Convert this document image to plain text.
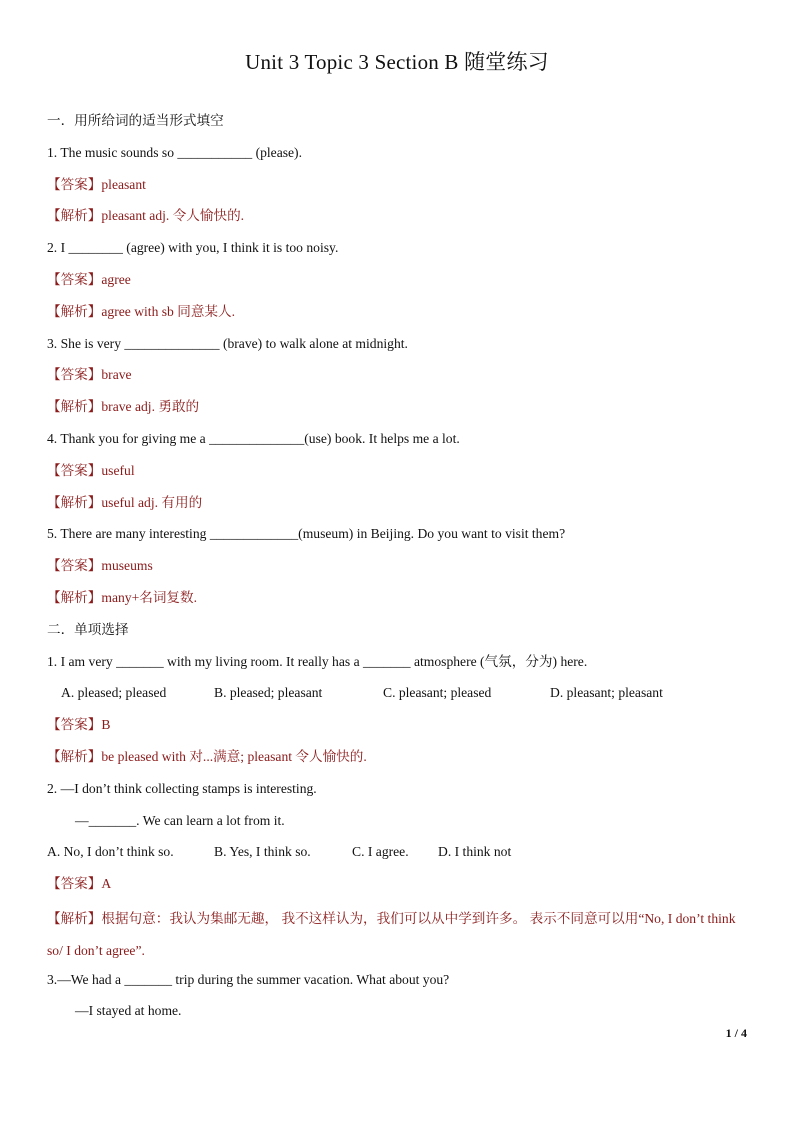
Unit 3 Topic 3 Section B 随堂练习
一．用所给词的适当形式填空
1. The music sounds so ___________ (please).
【答案】pleasant
【解析】pleasant adj. 令人愉快的.
2. I ________ (agree) with you, I think it is too noisy.
【答案】agree
【解析】agree with sb 同意某人.
3. She is very ______________ (brave) to walk alone at midnight.
【答案】brave
【解析】brave adj. 勇敢的
4. Thank you for giving me a ______________(use) book. It helps me a lot.
【答案】useful
【解析】useful adj. 有用的
5. There are many interesting _____________(museum) in Beijing. Do you want to visit them?
【答案】museums
【解析】many+名词复数.
二．单项选择
1. I am very _______ with my living room. It really has a _______ atmosphere (气氛，分为) here.
A. pleased; pleased	B. pleased; pleasant	C. pleasant; pleased	D. pleasant; pleasant
【答案】B
【解析】be pleased with 对...满意; pleasant 令人愉快的.
2. —I don’t think collecting stamps is interesting.
—_______. We can learn a lot from it.
A. No, I don’t think so.	B. Yes, I think so.	C. I agree.	D. I think not
【答案】A
【解析】根据句意：我认为集邮无趣， 我不这样认为，我们可以从中学到许多。 表示不同意可以用“No, I don’t think so/ I don’t agree”.
3.—We had a _______ trip during the summer vacation. What about you?
—I stayed at home.
1 / 4
